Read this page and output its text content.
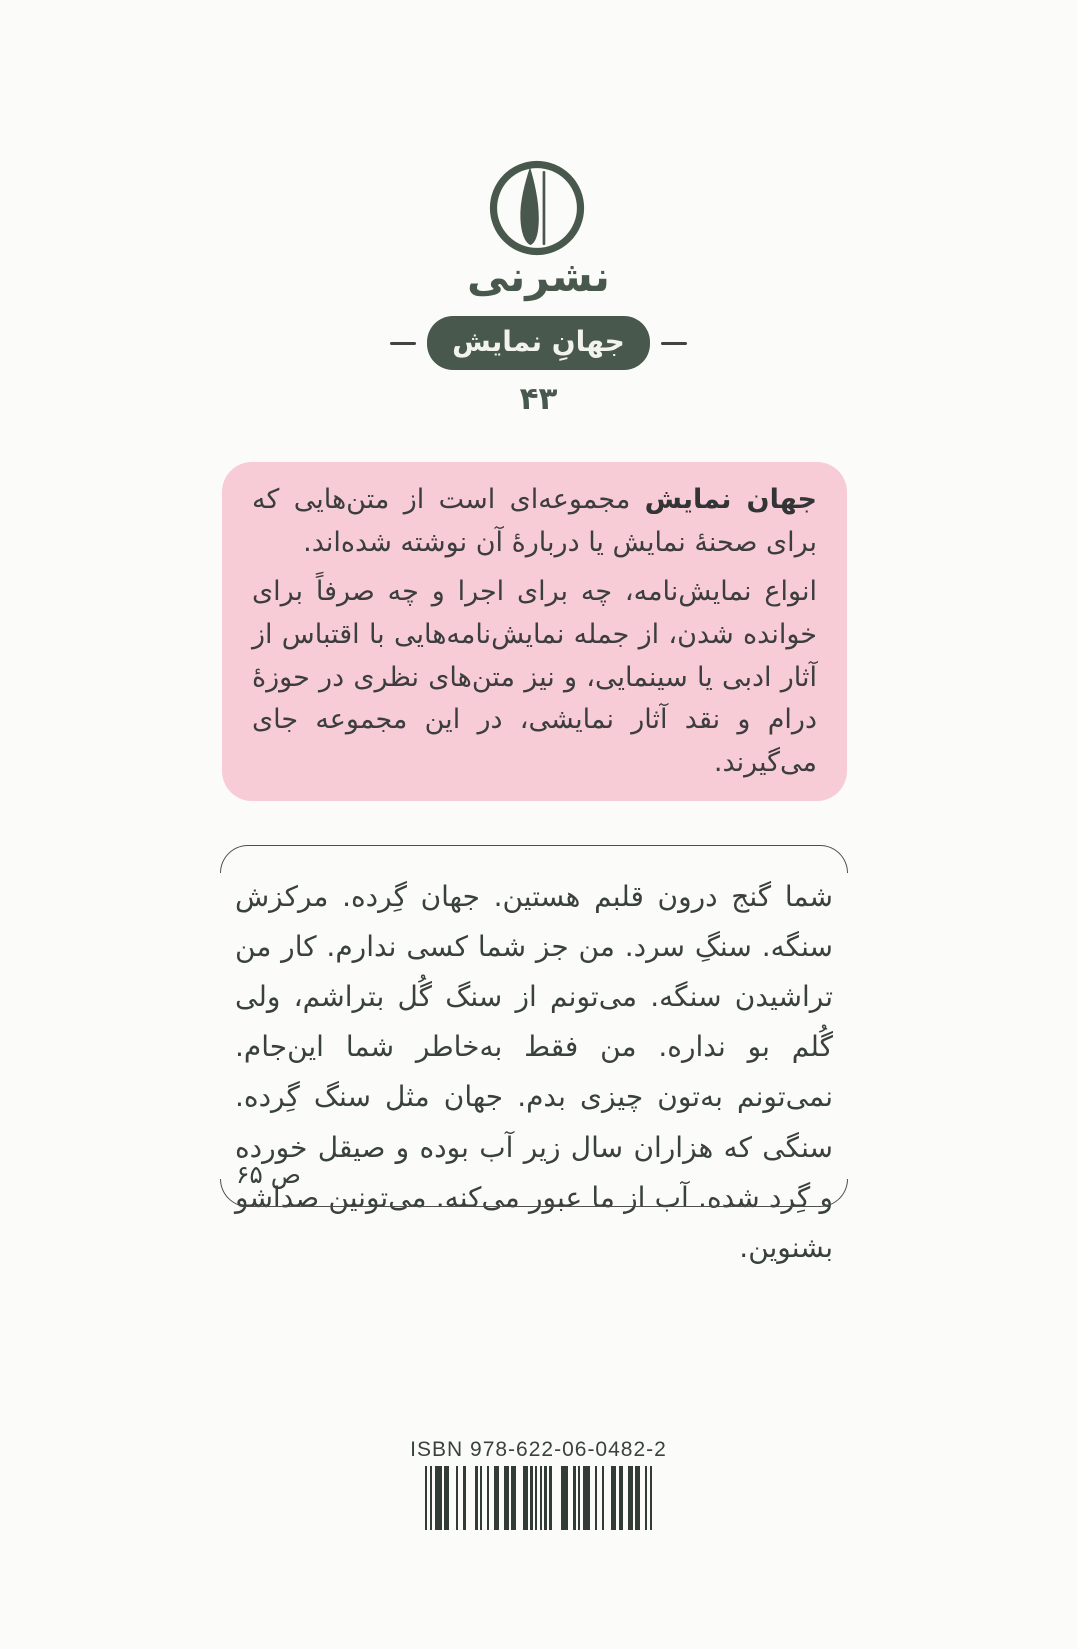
نشرنی
جهانِ نمایش
۴۳

جهان نمایش مجموعه‌ای است از متن‌هایی که برای صحنهٔ نمایش یا دربارهٔ آن نوشته شده‌اند.

انواع نمایش‌نامه، چه برای اجرا و چه صرفاً برای خوانده شدن، از جمله نمایش‌نامه‌هایی با اقتباس از آثار ادبی یا سینمایی، و نیز متن‌های نظری در حوزهٔ درام و نقد آثار نمایشی، در این مجموعه جای می‌گیرند.

شما گنج درون قلبم هستین. جهان گِرده. مرکزش سنگه. سنگِ سرد. من جز شما کسی ندارم. کار من تراشیدن سنگه. می‌تونم از سنگ گُل بتراشم، ولی گُلم بو نداره. من فقط به‌خاطر شما این‌جام. نمی‌تونم به‌تون چیزی بدم. جهان مثل سنگ گِرده. سنگی که هزاران سال زیر آب بوده و صیقل خورده و گِرد شده. آب از ما عبور می‌کنه. می‌تونین صداشو بشنوین.

ص ۶۵
ISBN 978-622-06-0482-2
